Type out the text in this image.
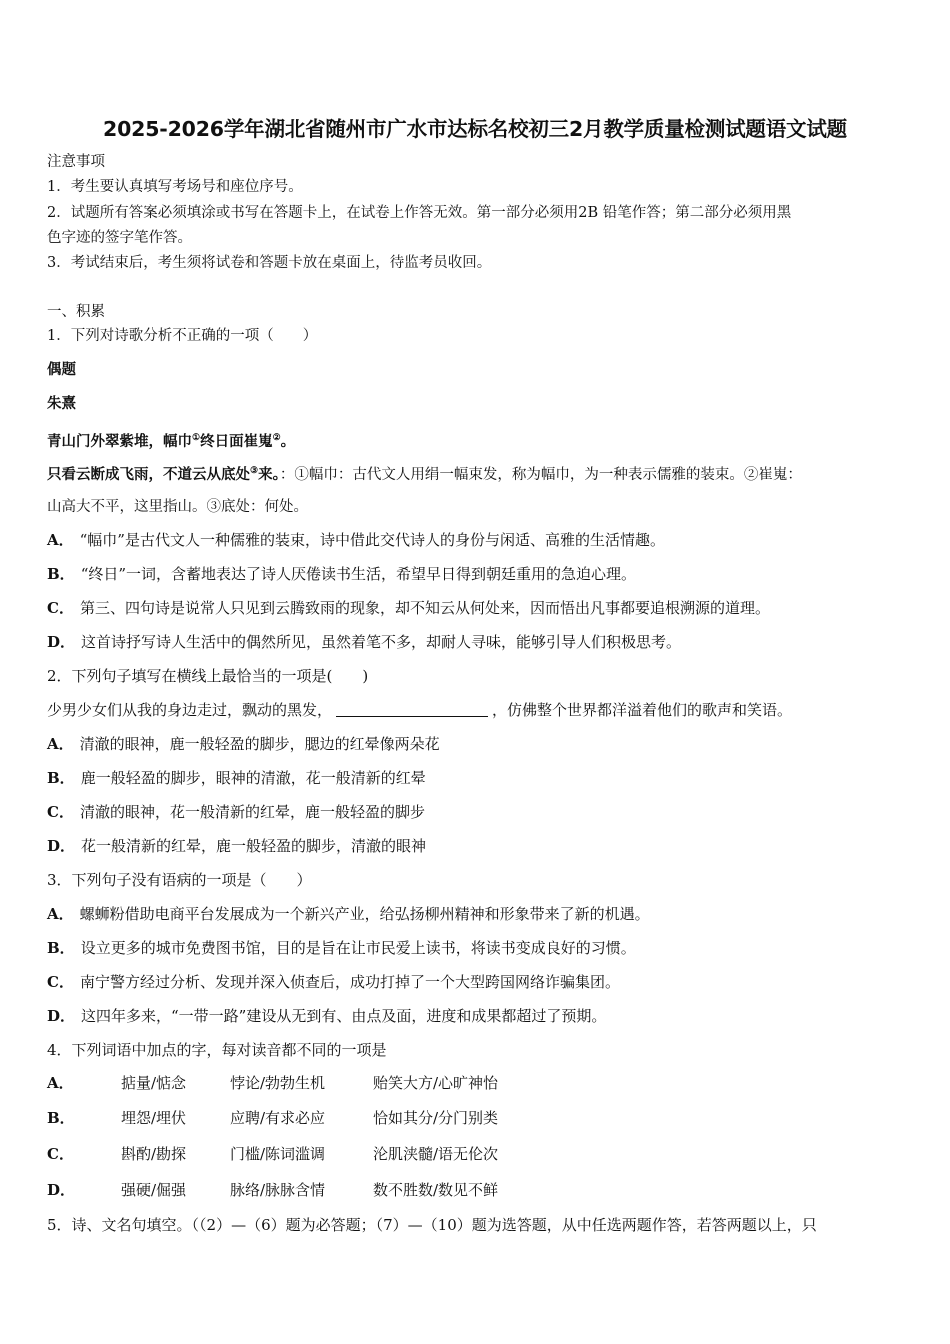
2025-2026学年湖北省随州市广水市达标名校初三2月教学质量检测试题语文试题
注意事项
1．考生要认真填写考场号和座位序号。
2．试题所有答案必须填涂或书写在答题卡上，在试卷上作答无效。第一部分必须用2B 铅笔作答；第二部分必须用黑
色字迹的签字笔作答。
3．考试结束后，考生须将试卷和答题卡放在桌面上，待监考员收回。
一、积累
1．下列对诗歌分析不正确的一项（　　）
偶题
朱熹
青山门外翠紫堆，幅巾①终日面崔嵬②。
只看云断成飞雨，不道云从底处③来。：①幅巾：古代文人用绢一幅束发，称为幅巾，为一种表示儒雅的装束。②崔嵬：
山高大不平，这里指山。③底处：何处。
A． “幅巾”是古代文人一种儒雅的装束，诗中借此交代诗人的身份与闲适、高雅的生活情趣。
B． “终日”一词，含蓄地表达了诗人厌倦读书生活，希望早日得到朝廷重用的急迫心理。
C． 第三、四句诗是说常人只见到云腾致雨的现象，却不知云从何处来，因而悟出凡事都要追根溯源的道理。
D． 这首诗抒写诗人生活中的偶然所见，虽然着笔不多，却耐人寻味，能够引导人们积极思考。
2．下列句子填写在横线上最恰当的一项是(　　)
少男少女们从我的身边走过，飘动的黑发，	，仿佛整个世界都洋溢着他们的歌声和笑语。
A． 清澈的眼神，鹿一般轻盈的脚步，腮边的红晕像两朵花
B． 鹿一般轻盈的脚步，眼神的清澈，花一般清新的红晕
C． 清澈的眼神，花一般清新的红晕，鹿一般轻盈的脚步
D． 花一般清新的红晕，鹿一般轻盈的脚步，清澈的眼神
3．下列句子没有语病的一项是（　　）
A． 螺蛳粉借助电商平台发展成为一个新兴产业，给弘扬柳州精神和形象带来了新的机遇。
B． 设立更多的城市免费图书馆，目的是旨在让市民爱上读书，将读书变成良好的习惯。
C． 南宁警方经过分析、发现并深入侦查后，成功打掉了一个大型跨国网络诈骗集团。
D． 这四年多来，“一带一路”建设从无到有、由点及面，进度和成果都超过了预期。
4．下列词语中加点的字，每对读音都不同的一项是
A．	掂量/惦念	悖论/勃勃生机	贻笑大方/心旷神怡
B．	埋怨/埋伏	应聘/有求必应	恰如其分/分门别类
C．	斟酌/勘探	门槛/陈词滥调	沦肌浃髓/语无伦次
D．	强硬/倔强	脉络/脉脉含情	数不胜数/数见不鲜
5．诗、文名句填空。（（2）—（6）题为必答题；（7）—（10）题为选答题，从中任选两题作答，若答两题以上，只
